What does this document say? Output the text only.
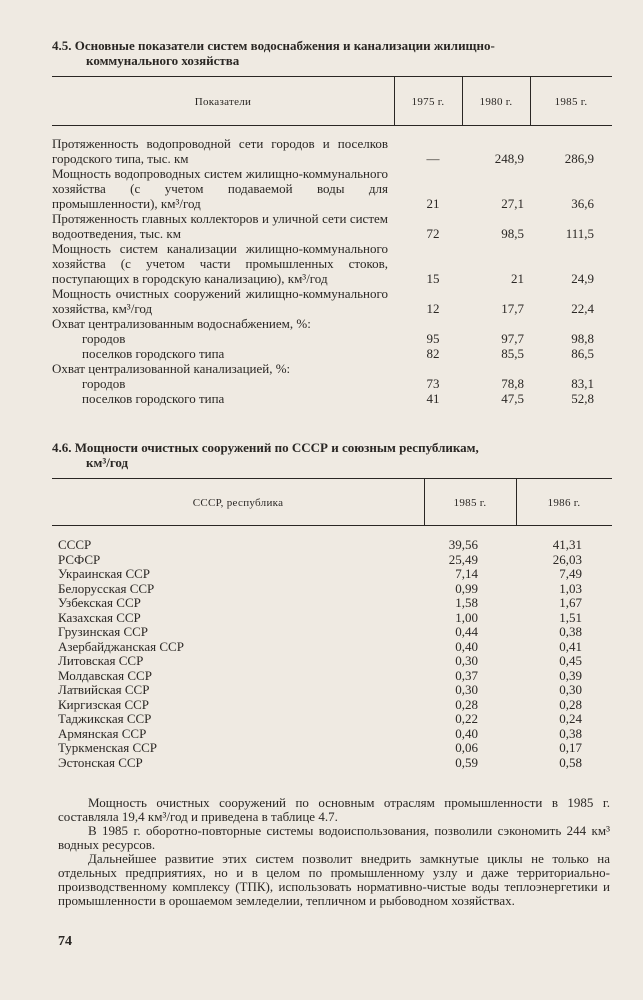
4.5. Основные показатели систем водоснабжения и канализации жилищно-
коммунального хозяйства
Показатели	1975 г.	1980 г.	1985 г.
Протяженность водопроводной сети городов и поселков городского типа, тыс. км	—	248,9	286,9
Мощность водопроводных систем жилищно-коммунального хозяйства (с учетом подаваемой воды для промышленности), км³/год	21	27,1	36,6
Протяженность главных коллекторов и уличной сети систем водоотведения, тыс. км	72	98,5	111,5
Мощность систем канализации жилищно-коммунального хозяйства (с учетом части промышленных стоков, поступающих в городскую канализацию), км³/год	15	21	24,9
Мощность очистных сооружений жилищно-коммунального хозяйства, км³/год	12	17,7	22,4
Охват централизованным водоснабжением, %:
городов	95	97,7	98,8
поселков городского типа	82	85,5	86,5
Охват централизованной канализацией, %:
городов	73	78,8	83,1
поселков городского типа	41	47,5	52,8
4.6. Мощности очистных сооружений по СССР и союзным республикам,
км³/год
СССР, республика	1985 г.	1986 г.
СССР	39,56	41,31
РСФСР	25,49	26,03
Украинская ССР	7,14	7,49
Белорусская ССР	0,99	1,03
Узбекская ССР	1,58	1,67
Казахская ССР	1,00	1,51
Грузинская ССР	0,44	0,38
Азербайджанская ССР	0,40	0,41
Литовская ССР	0,30	0,45
Молдавская ССР	0,37	0,39
Латвийская ССР	0,30	0,30
Киргизская ССР	0,28	0,28
Таджикская ССР	0,22	0,24
Армянская ССР	0,40	0,38
Туркменская ССР	0,06	0,17
Эстонская ССР	0,59	0,58

Мощность очистных сооружений по основным отраслям промышленности в 1985 г. составляла 19,4 км³/год и приведена в таблице 4.7.

В 1985 г. оборотно-повторные системы водоиспользования, позволили сэкономить 244 км³ водных ресурсов.

Дальнейшее развитие этих систем позволит внедрить замкнутые циклы не только на отдельных предприятиях, но и в целом по промышленному узлу и даже территориально-производственному комплексу (ТПК), использовать нормативно-чистые воды теплоэнергетики и промышленности в орошаемом земледелии, тепличном и рыбоводном хозяйствах.

74
